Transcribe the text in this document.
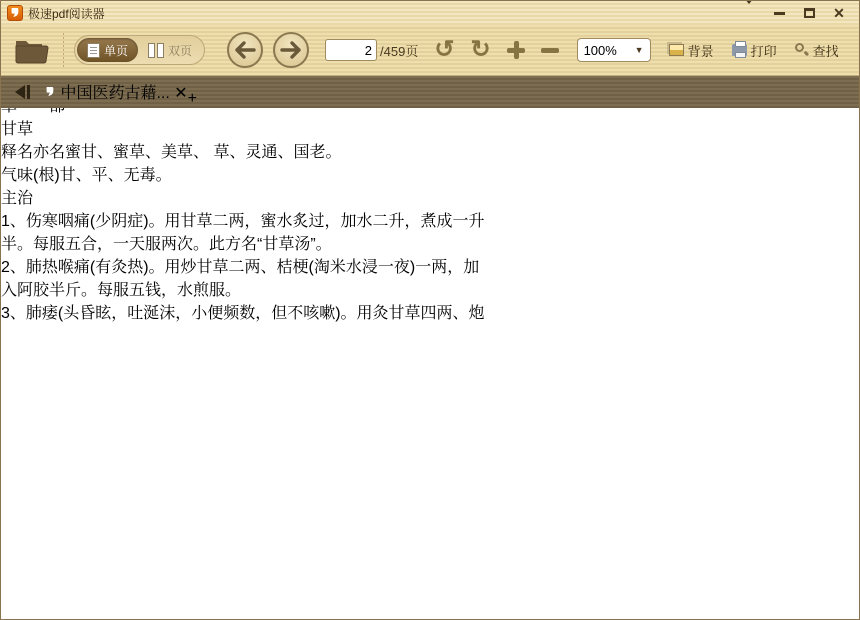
极速pdf阅读器	✕
单页	双页
2	/459页 ↺ ↻	100% ▼	背景	打印	查找
中国医药古藉... ✕ +
甘草
释名亦名蜜甘、蜜草、美草、 草、灵通、国老。
气味(根)甘、平、无毒。
主治
1、伤寒咽痛(少阴症)。用甘草二两，蜜水炙过，加水二升，煮成一升
半。每服五合，一天服两次。此方名“甘草汤”。
2、肺热喉痛(有灸热)。用炒甘草二两、桔梗(淘米水浸一夜)一两，加
入阿胶半斤。每服五钱，水煎服。
3、肺痿(头昏眩，吐涎沫，小便频数，但不咳嗽)。用灸甘草四两、炮
